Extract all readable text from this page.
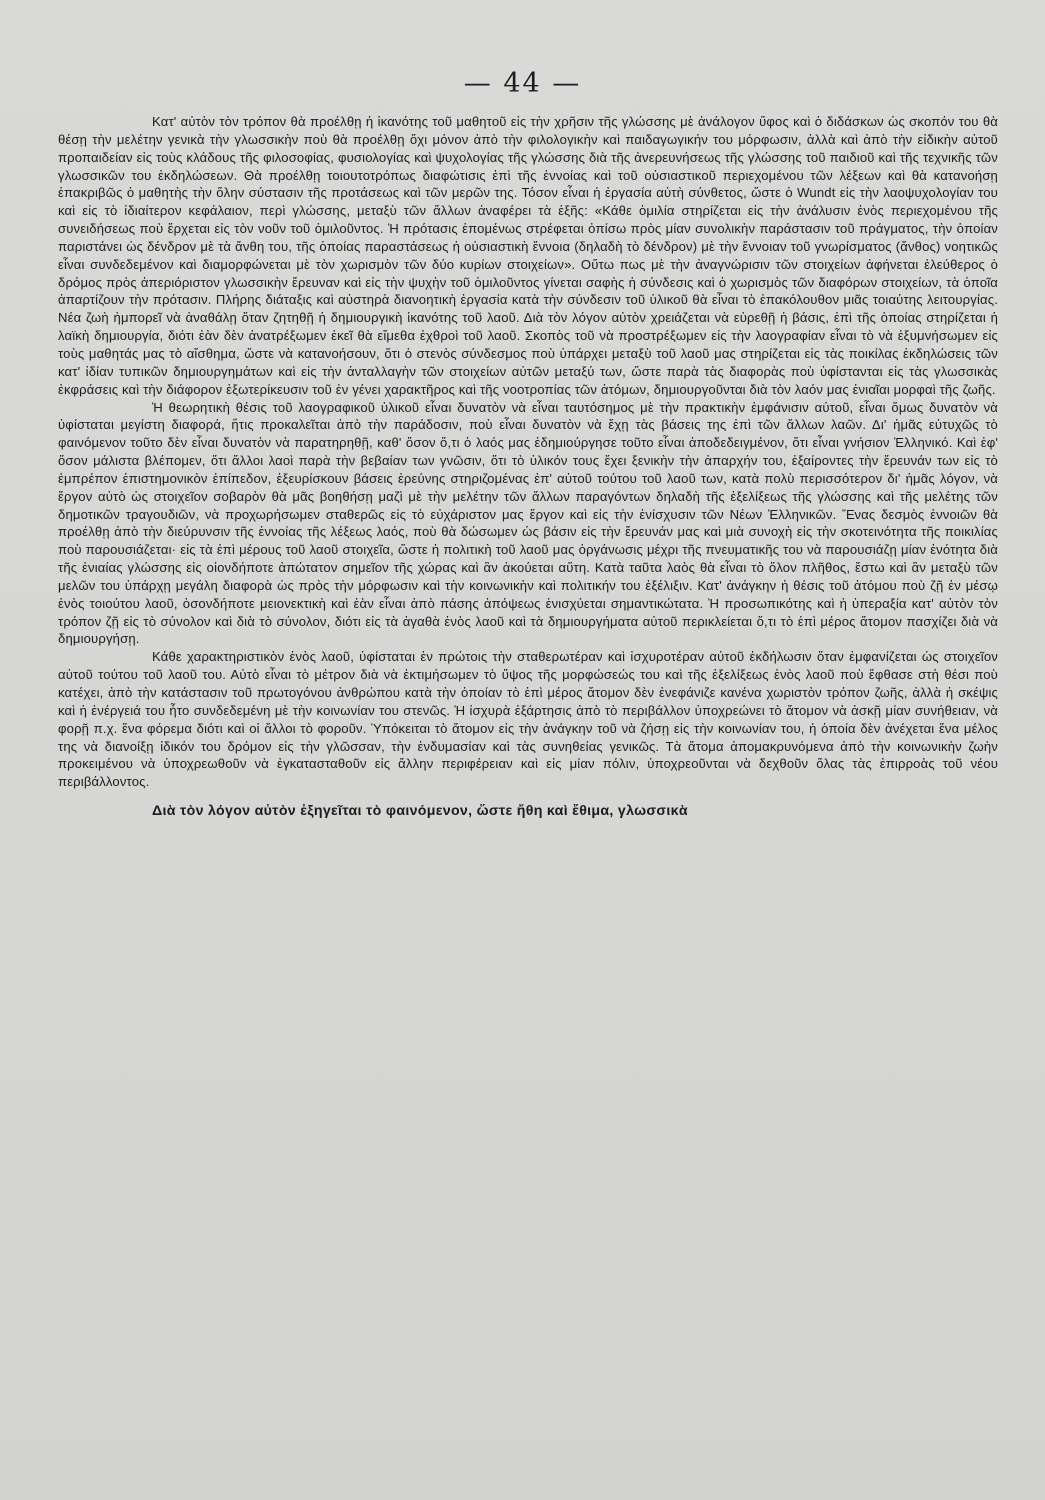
— 44 —

Κατ' αὐτὸν τὸν τρόπον θὰ προέλθῃ ἡ ἱκανότης τοῦ μαθητοῦ εἰς τὴν χρῆσιν τῆς γλώσσης μὲ ἀνάλογον ὕφος καὶ ὁ διδάσκων ὡς σκοπόν του θὰ θέσῃ τὴν μελέτην γενικὰ τὴν γλωσσικὴν ποὺ θὰ προέλθῃ ὄχι μόνον ἀπὸ τὴν φιλολογικὴν καὶ παιδαγωγικήν του μόρφωσιν, ἀλλὰ καὶ ἀπὸ τὴν εἰδικὴν αὐτοῦ προπαιδείαν εἰς τοὺς κλάδους τῆς φιλοσοφίας, φυσιολογίας καὶ ψυχολογίας τῆς γλώσσης διὰ τῆς ἀνερευνήσεως τῆς γλώσσης τοῦ παιδιοῦ καὶ τῆς τεχνικῆς τῶν γλωσσικῶν του ἐκδηλώσεων. Θὰ προέλθῃ τοιουτοτρόπως διαφώτισις ἐπὶ τῆς ἐννοίας καὶ τοῦ οὐσιαστικοῦ περιεχομένου τῶν λέξεων καὶ θὰ κατανοήσῃ ἐπακριβῶς ὁ μαθητὴς τὴν ὅλην σύστασιν τῆς προτάσεως καὶ τῶν μερῶν της. Τόσον εἶναι ἡ ἐργασία αὐτὴ σύνθετος, ὥστε ὁ Wundt εἰς τὴν λαοψυχολογίαν του καὶ εἰς τὸ ἰδιαίτερον κεφάλαιον, περὶ γλώσσης, μεταξὺ τῶν ἄλλων ἀναφέρει τὰ ἑξῆς: «Κάθε ὁμιλία στηρίζεται εἰς τὴν ἀνάλυσιν ἑνὸς περιεχομένου τῆς συνειδήσεως ποὺ ἔρχεται εἰς τὸν νοῦν τοῦ ὁμιλοῦντος. Ἡ πρότασις ἑπομένως στρέφεται ὀπίσω πρὸς μίαν συνολικὴν παράστασιν τοῦ πράγματος, τὴν ὁποίαν παριστάνει ὡς δένδρον μὲ τὰ ἄνθη του, τῆς ὁποίας παραστάσεως ἡ οὐσιαστικὴ ἔννοια (δηλαδὴ τὸ δένδρον) μὲ τὴν ἔννοιαν τοῦ γνωρίσματος (ἄνθος) νοητικῶς εἶναι συνδεδεμένον καὶ διαμορφώνεται μὲ τὸν χωρισμὸν τῶν δύο κυρίων στοιχείων». Οὕτω πως μὲ τὴν ἀναγνώρισιν τῶν στοιχείων ἀφήνεται ἐλεύθερος ὁ δρόμος πρὸς ἀπεριόριστον γλωσσικὴν ἔρευναν καὶ εἰς τὴν ψυχὴν τοῦ ὁμιλοῦντος γίνεται σαφὴς ἡ σύνδεσις καὶ ὁ χωρισμὸς τῶν διαφόρων στοιχείων, τὰ ὁποῖα ἀπαρτίζουν τὴν πρότασιν. Πλήρης διάταξις καὶ αὐστηρὰ διανοητικὴ ἐργασία κατὰ τὴν σύνδεσιν τοῦ ὑλικοῦ θὰ εἶναι τὸ ἐπακόλουθον μιᾶς τοιαύτης λειτουργίας. Νέα ζωὴ ἠμπορεῖ νὰ ἀναθάλῃ ὅταν ζητηθῇ ἡ δημιουργικὴ ἱκανότης τοῦ λαοῦ. Διὰ τὸν λόγον αὐτὸν χρειάζεται νὰ εὑρεθῇ ἡ βάσις, ἐπὶ τῆς ὁποίας στηρίζεται ἡ λαϊκὴ δημιουργία, διότι ἐὰν δὲν ἀνατρέξωμεν ἐκεῖ θὰ εἴμεθα ἐχθροὶ τοῦ λαοῦ. Σκοπὸς τοῦ νὰ προστρέξωμεν εἰς τὴν λαογραφίαν εἶναι τὸ νὰ ἐξυμνήσωμεν εἰς τοὺς μαθητάς μας τὸ αἴσθημα, ὥστε νὰ κατανοήσουν, ὅτι ὁ στενὸς σύνδεσμος ποὺ ὑπάρχει μεταξὺ τοῦ λαοῦ μας στηρίζεται εἰς τὰς ποικίλας ἐκδηλώσεις τῶν κατ' ἰδίαν τυπικῶν δημιουργημάτων καὶ εἰς τὴν ἀνταλλαγὴν τῶν στοιχείων αὐτῶν μεταξύ των, ὥστε παρὰ τὰς διαφορὰς ποὺ ὑφίστανται εἰς τὰς γλωσσικὰς ἐκφράσεις καὶ τὴν διάφορον ἐξωτερίκευσιν τοῦ ἐν γένει χαρακτῆρος καὶ τῆς νοοτροπίας τῶν ἀτόμων, δημιουργοῦνται διὰ τὸν λαόν μας ἑνιαῖαι μορφαὶ τῆς ζωῆς.

Ἡ θεωρητικὴ θέσις τοῦ λαογραφικοῦ ὑλικοῦ εἶναι δυνατὸν νὰ εἶναι ταυτόσημος μὲ τὴν πρακτικὴν ἐμφάνισιν αὐτοῦ, εἶναι ὅμως δυνατὸν νὰ ὑφίσταται μεγίστη διαφορά, ἥτις προκαλεῖται ἀπὸ τὴν παράδοσιν, ποὺ εἶναι δυνατὸν νὰ ἔχῃ τὰς βάσεις της ἐπὶ τῶν ἄλλων λαῶν. Δι' ἡμᾶς εὐτυχῶς τὸ φαινόμενον τοῦτο δὲν εἶναι δυνατὸν νὰ παρατηρηθῇ, καθ' ὅσον ὅ,τι ὁ λαός μας ἐδημιούργησε τοῦτο εἶναι ἀποδεδειγμένον, ὅτι εἶναι γνήσιον Ἑλληνικό. Καὶ ἐφ' ὅσον μάλιστα βλέπομεν, ὅτι ἄλλοι λαοὶ παρὰ τὴν βεβαίαν των γνῶσιν, ὅτι τὸ ὑλικόν τους ἔχει ξενικὴν τὴν ἀπαρχήν του, ἐξαίροντες τὴν ἔρευνάν των εἰς τὸ ἐμπρέπον ἐπιστημονικὸν ἐπίπεδον, ἐξευρίσκουν βάσεις ἐρεύνης στηριζομένας ἐπ' αὐτοῦ τούτου τοῦ λαοῦ των, κατὰ πολὺ περισσότερον δι' ἡμᾶς λόγον, νὰ ἔργον αὐτὸ ὡς στοιχεῖον σοβαρὸν θὰ μᾶς βοηθήσῃ μαζὶ μὲ τὴν μελέτην τῶν ἄλλων παραγόντων δηλαδὴ τῆς ἐξελίξεως τῆς γλώσσης καὶ τῆς μελέτης τῶν δημοτικῶν τραγουδιῶν, νὰ προχωρήσωμεν σταθερῶς εἰς τὸ εὐχάριστον μας ἔργον καὶ εἰς τὴν ἐνίσχυσιν τῶν Νέων Ἑλληνικῶν. Ἕνας δεσμὸς ἐννοιῶν θὰ προέλθῃ ἀπὸ τὴν διεύρυνσιν τῆς ἐννοίας τῆς λέξεως λαός, ποὺ θὰ δώσωμεν ὡς βάσιν εἰς τὴν ἔρευνάν μας καὶ μιὰ συνοχὴ εἰς τὴν σκοτεινότητα τῆς ποικιλίας ποὺ παρουσιάζεται· εἰς τὰ ἐπὶ μέρους τοῦ λαοῦ στοιχεῖα, ὥστε ἡ πολιτικὴ τοῦ λαοῦ μας ὀργάνωσις μέχρι τῆς πνευματικῆς του νὰ παρουσιάζῃ μίαν ἑνότητα διὰ τῆς ἑνιαίας γλώσσης εἰς οἱονδήποτε ἀπώτατον σημεῖον τῆς χώρας καὶ ἂν ἀκούεται αὕτη. Κατὰ ταῦτα λαὸς θὰ εἶναι τὸ ὅλον πλῆθος, ἔστω καὶ ἂν μεταξὺ τῶν μελῶν του ὑπάρχῃ μεγάλη διαφορὰ ὡς πρὸς τὴν μόρφωσιν καὶ τὴν κοινωνικὴν καὶ πολιτικήν του ἐξέλιξιν. Κατ' ἀνάγκην ἡ θέσις τοῦ ἀτόμου ποὺ ζῇ ἐν μέσῳ ἑνὸς τοιούτου λαοῦ, ὁσονδήποτε μειονεκτικὴ καὶ ἐὰν εἶναι ἀπὸ πάσης ἀπόψεως ἐνισχύεται σημαντικώτατα. Ἡ προσωπικότης καὶ ἡ ὑπεραξία κατ' αὐτὸν τὸν τρόπον ζῇ εἰς τὸ σύνολον καὶ διὰ τὸ σύνολον, διότι εἰς τὰ ἀγαθὰ ἑνὸς λαοῦ καὶ τὰ δημιουργήματα αὐτοῦ περικλείεται ὅ,τι τὸ ἐπὶ μέρος ἄτομον πασχίζει διὰ νὰ δημιουργήσῃ.

Κάθε χαρακτηριστικὸν ἑνὸς λαοῦ, ὑφίσταται ἐν πρώτοις τὴν σταθερωτέραν καὶ ἰσχυροτέραν αὐτοῦ ἐκδήλωσιν ὅταν ἐμφανίζεται ὡς στοιχεῖον αὐτοῦ τούτου τοῦ λαοῦ του. Αὐτὸ εἶναι τὸ μέτρον διὰ νὰ ἐκτιμήσωμεν τὸ ὕψος τῆς μορφώσεώς του καὶ τῆς ἐξελίξεως ἑνὸς λαοῦ ποὺ ἔφθασε στὴ θέσι ποὺ κατέχει, ἀπὸ τὴν κατάστασιν τοῦ πρωτογόνου ἀνθρώπου κατὰ τὴν ὁποίαν τὸ ἐπὶ μέρος ἄτομον δὲν ἐνεφάνιζε κανένα χωριστὸν τρόπον ζωῆς, ἀλλὰ ἡ σκέψις καὶ ἡ ἐνέργειά του ἦτο συνδεδεμένη μὲ τὴν κοινωνίαν του στενῶς. Ἡ ἰσχυρὰ ἐξάρτησις ἀπὸ τὸ περιβάλλον ὑποχρεώνει τὸ ἄτομον νὰ ἀσκῇ μίαν συνήθειαν, νὰ φορῇ π.χ. ἕνα φόρεμα διότι καὶ οἱ ἄλλοι τὸ φοροῦν. Ὑπόκειται τὸ ἄτομον εἰς τὴν ἀνάγκην τοῦ νὰ ζήσῃ εἰς τὴν κοινωνίαν του, ἡ ὁποία δὲν ἀνέχεται ἕνα μέλος της νὰ διανοίξῃ ἰδικόν του δρόμον εἰς τὴν γλῶσσαν, τὴν ἐνδυμασίαν καὶ τὰς συνηθείας γενικῶς. Τὰ ἄτομα ἀπομακρυνόμενα ἀπὸ τὴν κοινωνικὴν ζωὴν προκειμένου νὰ ὑποχρεωθοῦν νὰ ἐγκατασταθοῦν εἰς ἄλλην περιφέρειαν καὶ εἰς μίαν πόλιν, ὑποχρεοῦνται νὰ δεχθοῦν ὅλας τὰς ἐπιρροὰς τοῦ νέου περιβάλλοντος.

Διὰ τὸν λόγον αὐτὸν ἐξηγεῖται τὸ φαινόμενον, ὥστε ἤθη καὶ ἔθιμα, γλωσσικὰ
